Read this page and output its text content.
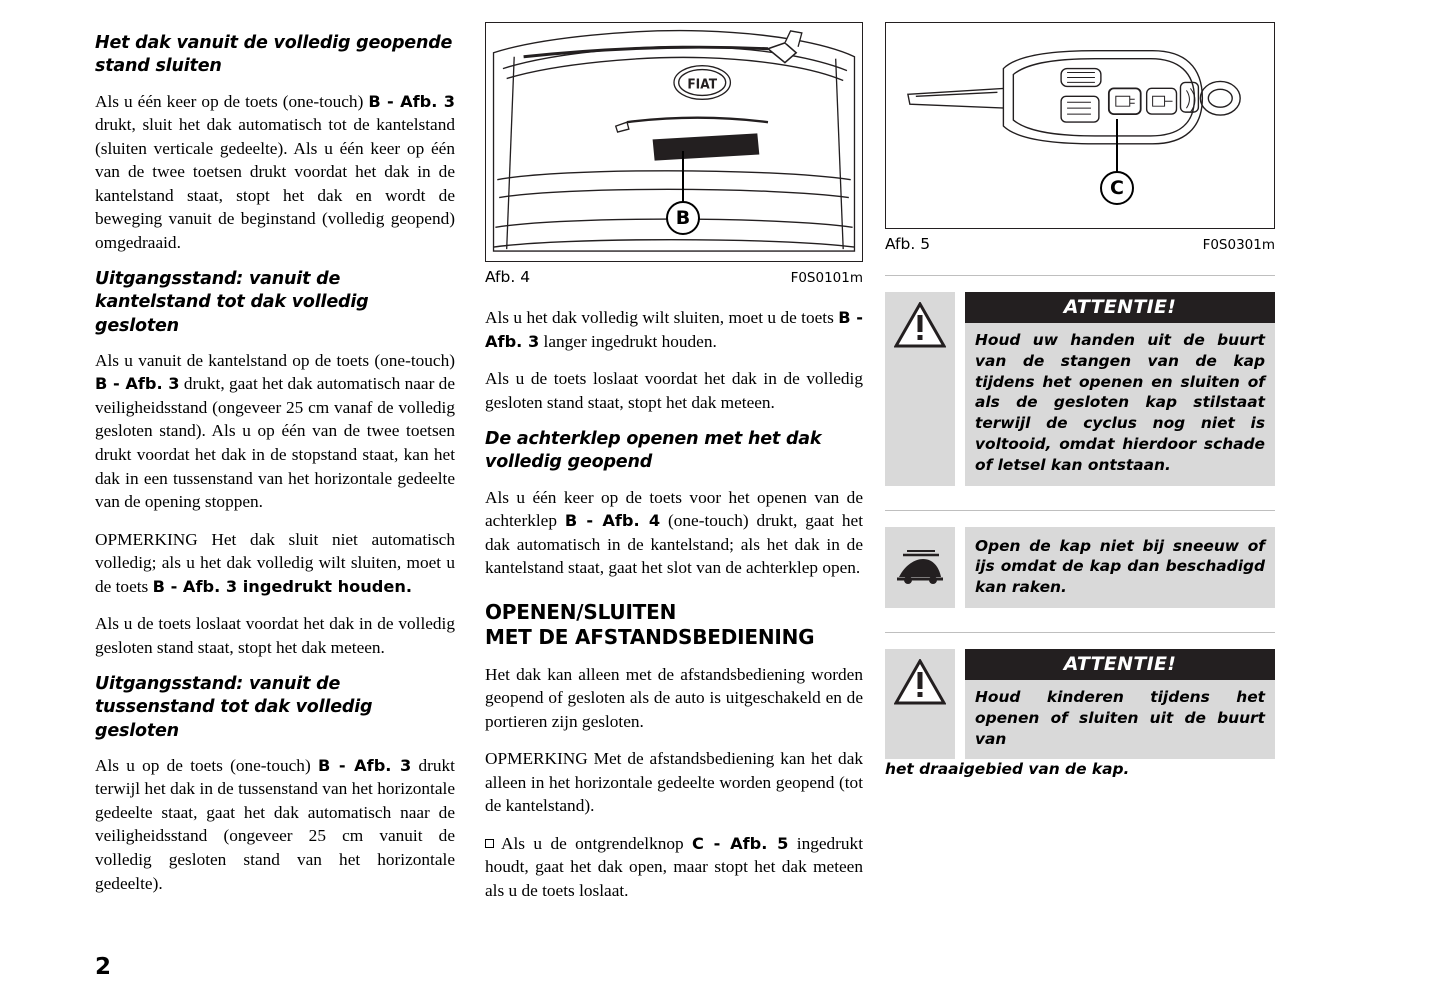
Het dak vanuit de volledig geopende stand sluiten

Als u één keer op de toets (one-touch) B - Afb. 3 drukt, sluit het dak automatisch tot de kantelstand (sluiten verticale gedeelte). Als u één keer op één van de twee toetsen drukt voordat het dak in de kantelstand staat, stopt het dak en wordt de beweging vanuit de beginstand (volledig geopend) omgedraaid.

Uitgangsstand: vanuit de kantelstand tot dak volledig gesloten

Als u vanuit de kantelstand op de toets (one-touch) B - Afb. 3 drukt, gaat het dak automatisch naar de veiligheidsstand (ongeveer 25 cm vanaf de volledig gesloten stand). Als u op één van de twee toetsen drukt voordat het dak in de stopstand staat, kan het dak in een tussenstand van het horizontale gedeelte van de opening stoppen.

OPMERKING Het dak sluit niet automatisch volledig; als u het dak volledig wilt sluiten, moet u de toets B - Afb. 3 ingedrukt houden.

Als u de toets loslaat voordat het dak in de volledig gesloten stand staat, stopt het dak meteen.

Uitgangsstand: vanuit de tussenstand tot dak volledig gesloten

Als u op de toets (one-touch) B - Afb. 3 drukt terwijl het dak in de tussenstand van het horizontale gedeelte staat, gaat het dak automatisch naar de veiligheidsstand (ongeveer 25 cm vanuit de volledig gesloten stand van het horizontale gedeelte).

FIAT
B
Afb. 4	F0S0101m

Als u het dak volledig wilt sluiten, moet u de toets B - Afb. 3 langer ingedrukt houden.

Als u de toets loslaat voordat het dak in de volledig gesloten stand staat, stopt het dak meteen.

De achterklep openen met het dak volledig geopend

Als u één keer op de toets voor het openen van de achterklep B - Afb. 4 (one-touch) drukt, gaat het dak automatisch in de kantelstand; als het dak in de kantelstand staat, gaat het slot van de achterklep open.

OPENEN/SLUITEN
MET DE AFSTANDSBEDIENING

Het dak kan alleen met de afstandsbediening worden geopend of gesloten als de auto is uitgeschakeld en de portieren zijn gesloten.

OPMERKING Met de afstandsbediening kan het dak alleen in het horizontale gedeelte worden geopend (tot de kantelstand).

Als u de ontgrendelknop C - Afb. 5 ingedrukt houdt, gaat het dak open, maar stopt het dak meteen als u de toets loslaat.

C
Afb. 5	F0S0301m
ATTENTIE!
Houd uw handen uit de buurt van de stangen van de kap tijdens het openen en sluiten of als de gesloten kap stilstaat terwijl de cyclus nog niet is voltooid, omdat hierdoor schade of letsel kan ontstaan.
Open de kap niet bij sneeuw of ijs omdat de kap dan beschadigd kan raken.
ATTENTIE!
Houd kinderen tijdens het openen of sluiten uit de buurt van

het draaigebied van de kap.

2
